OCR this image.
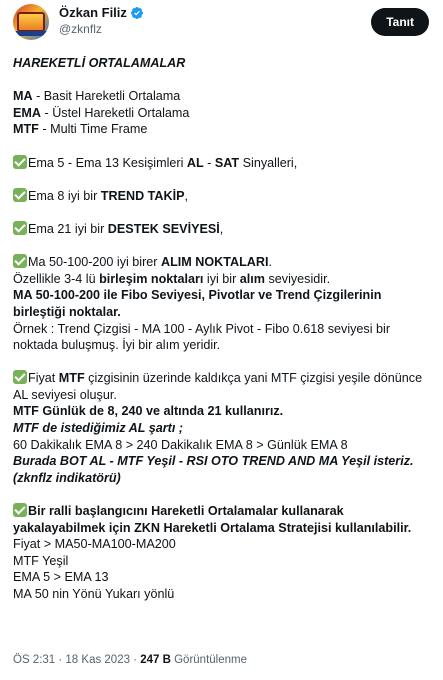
Özkan Filiz
@zknflz	Tanıt
HAREKETLİ ORTALAMALAR
MA - Basit Hareketli Ortalama
EMA - Üstel Hareketli Ortalama
MTF - Multi Time Frame
Ema 5 - Ema 13 Kesişimleri AL - SAT Sinyalleri,
Ema 8 iyi bir TREND TAKİP,
Ema 21 iyi bir DESTEK SEVİYESİ,
Ma 50-100-200 iyi birer ALIM NOKTALARI.
Özellikle 3-4 lü birleşim noktaları iyi bir alım seviyesidir.
MA 50-100-200 ile Fibo Seviyesi, Pivotlar ve Trend Çizgilerinin
birleştiği noktalar.
Örnek : Trend Çizgisi - MA 100 - Aylık Pivot - Fibo 0.618 seviyesi bir
noktada buluşmuş. İyi bir alım yeridir.
Fiyat MTF çizgisinin üzerinde kaldıkça yani MTF çizgisi yeşile dönünce
AL seviyesi oluşur.
MTF Günlük de 8, 240 ve altında 21 kullanırız.
MTF de istediğimiz AL şartı ;
60 Dakikalık EMA 8 > 240 Dakikalık EMA 8 > Günlük EMA 8
Burada BOT AL - MTF Yeşil - RSI OTO TREND AND MA Yeşil isteriz.
(zknflz indikatörü)
Bir ralli başlangıcını Hareketli Ortalamalar kullanarak
yakalayabilmek için ZKN Hareketli Ortalama Stratejisi kullanılabilir.
Fiyat > MA50-MA100-MA200
MTF Yeşil
EMA 5 > EMA 13
MA 50 nin Yönü Yukarı yönlü
ÖS 2:31 · 18 Kas 2023 · 247 B Görüntülenme
